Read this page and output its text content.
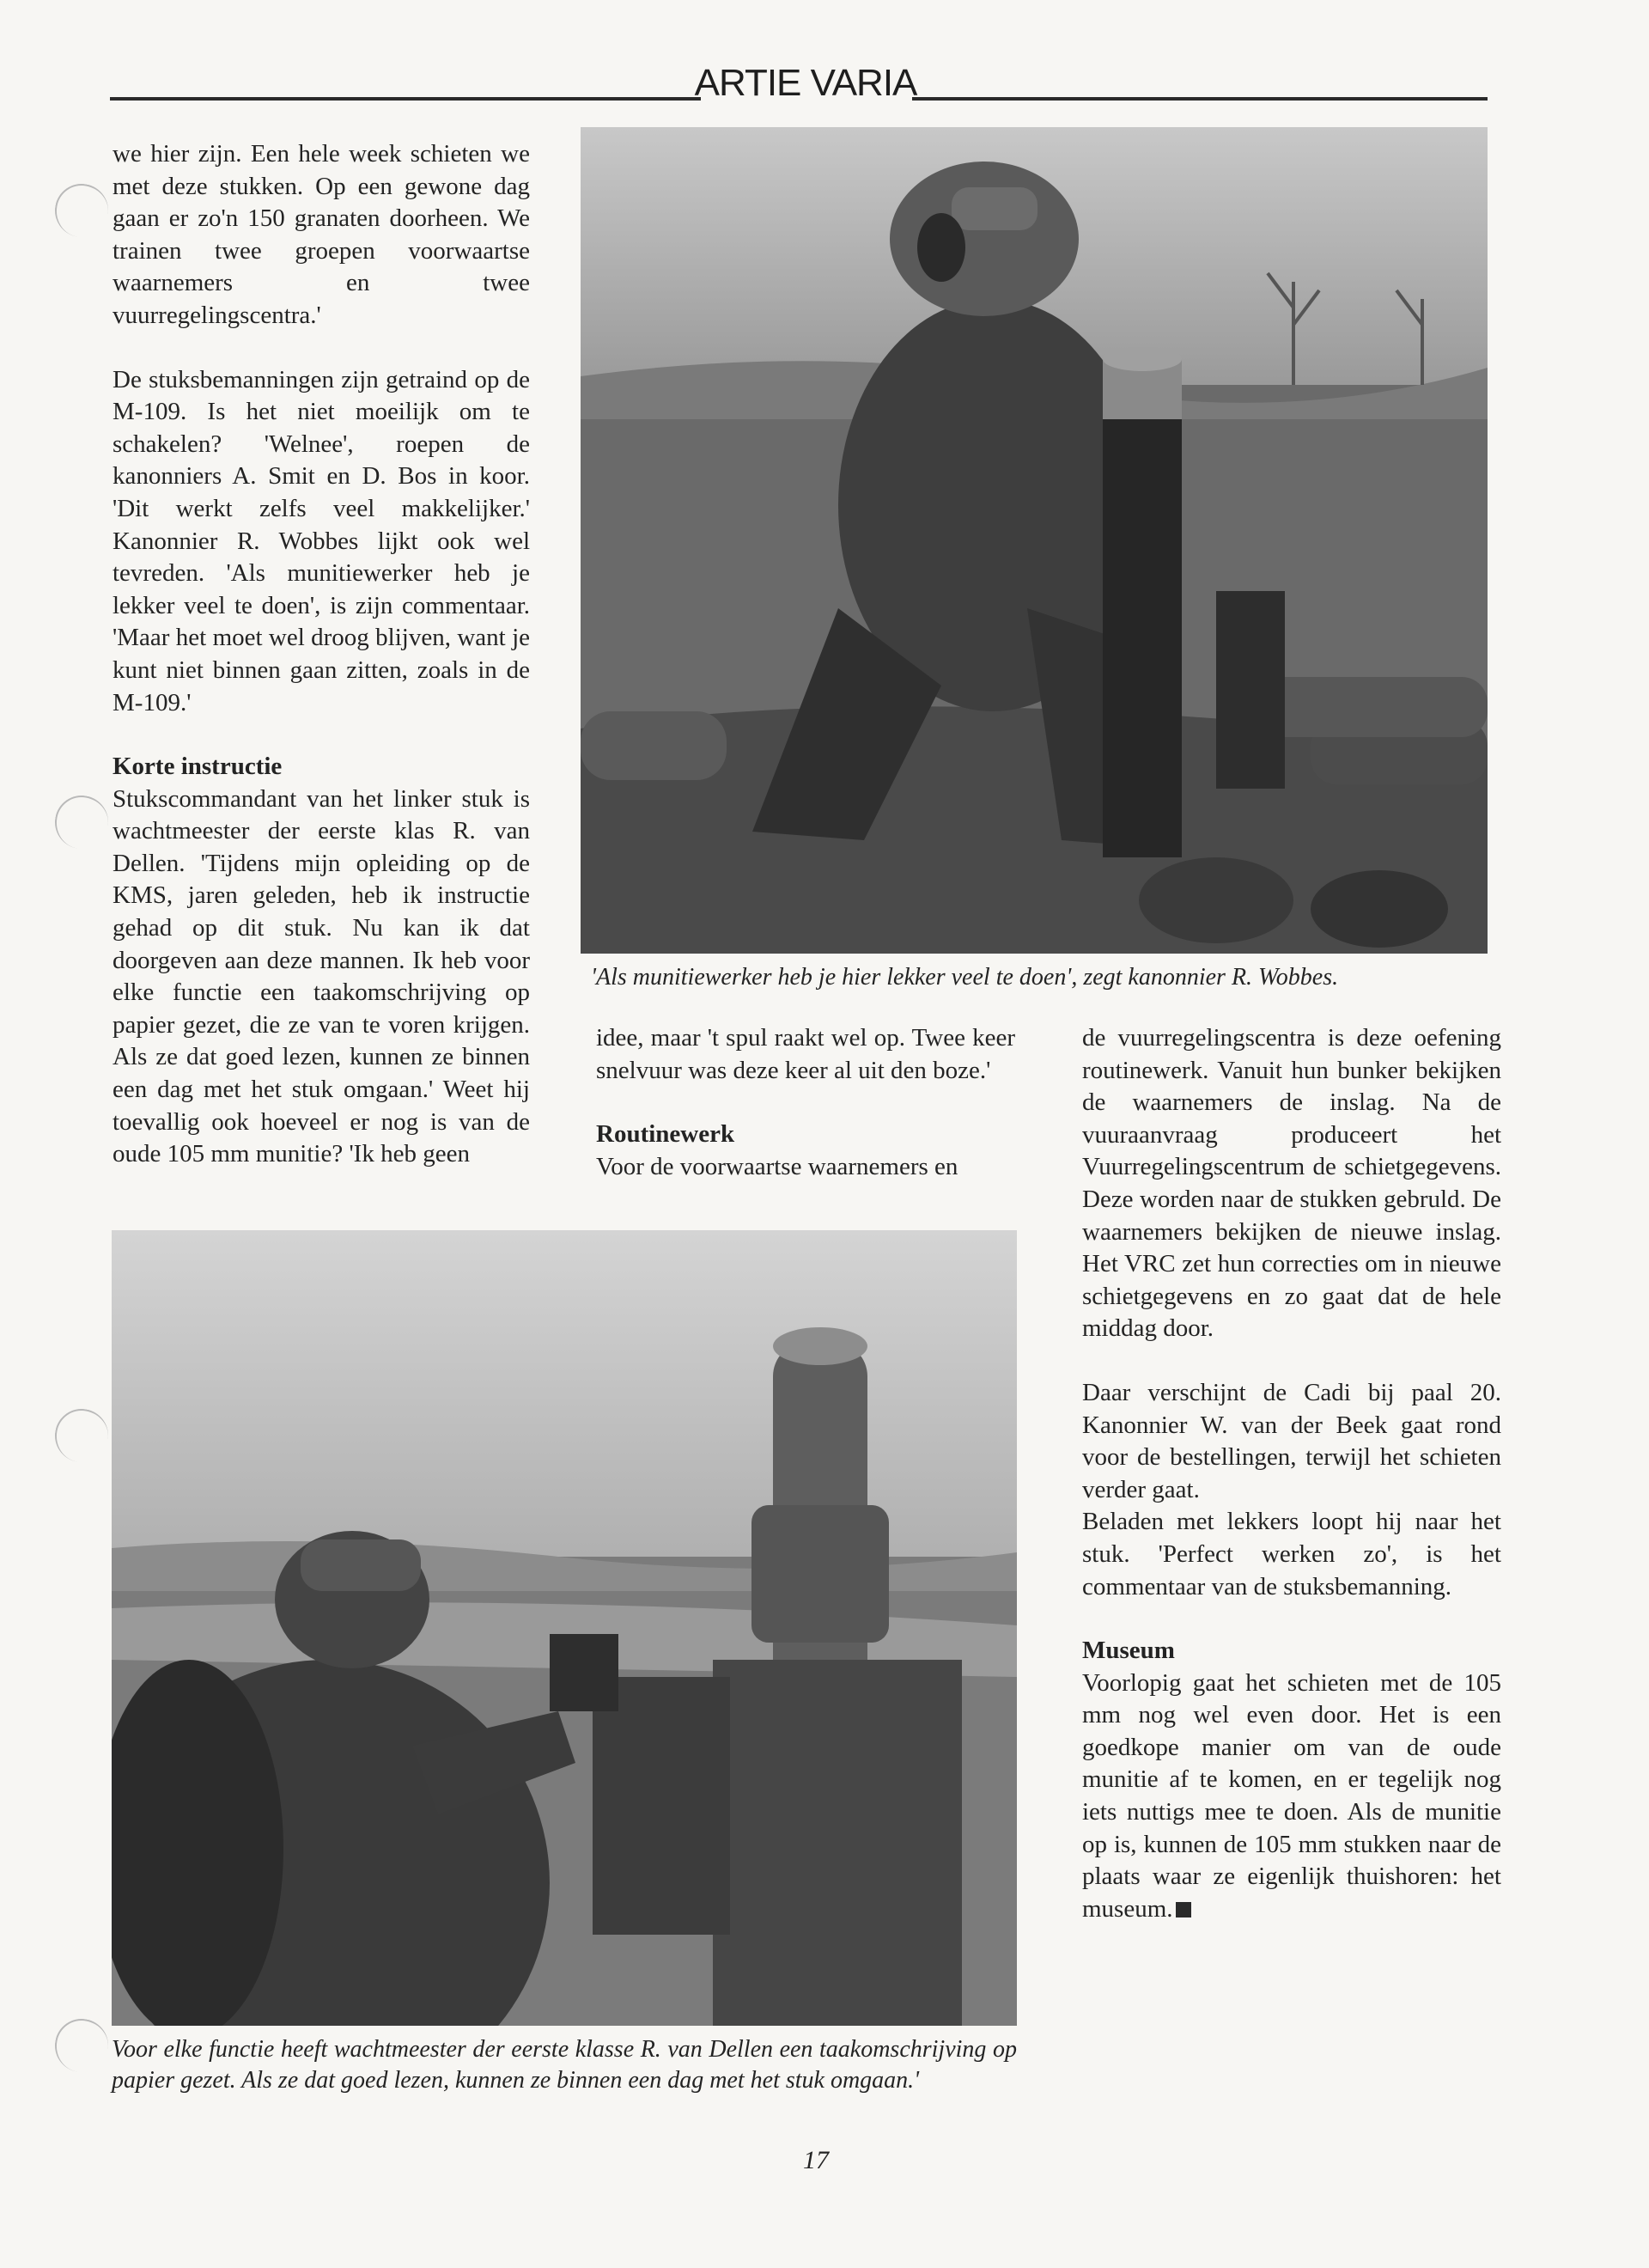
ARTIE VARIA

we hier zijn. Een hele week schieten we met deze stukken. Op een gewone dag gaan er zo'n 150 granaten doorheen. We trainen twee groepen voorwaartse waarnemers en twee vuurregelingscentra.'

De stuksbemanningen zijn getraind op de M-109. Is het niet moeilijk om te schakelen? 'Welnee', roepen de kanonniers A. Smit en D. Bos in koor. 'Dit werkt zelfs veel makkelijker.' Kanonnier R. Wobbes lijkt ook wel tevreden. 'Als munitiewerker heb je lekker veel te doen', is zijn commentaar. 'Maar het moet wel droog blijven, want je kunt niet binnen gaan zitten, zoals in de M-109.'

Korte instructie

Stukscommandant van het linker stuk is wachtmeester der eerste klas R. van Dellen. 'Tijdens mijn opleiding op de KMS, jaren geleden, heb ik instructie gehad op dit stuk. Nu kan ik dat doorgeven aan deze mannen. Ik heb voor elke functie een taakomschrijving op papier gezet, die ze van te voren krijgen. Als ze dat goed lezen, kunnen ze binnen een dag met het stuk omgaan.' Weet hij toevallig ook hoeveel er nog is van de oude 105 mm munitie? 'Ik heb geen

'Als munitiewerker heb je hier lekker veel te doen', zegt kanonnier R. Wobbes.

idee, maar 't spul raakt wel op. Twee keer snelvuur was deze keer al uit den boze.'

Routinewerk

Voor de voorwaartse waarnemers en

de vuurregelingscentra is deze oefening routinewerk. Vanuit hun bunker bekijken de waarnemers de inslag. Na de vuuraanvraag produceert het Vuurregelingscentrum de schietgegevens. Deze worden naar de stukken gebruld. De waarnemers bekijken de nieuwe inslag. Het VRC zet hun correcties om in nieuwe schietgegevens en zo gaat dat de hele middag door.

Daar verschijnt de Cadi bij paal 20. Kanonnier W. van der Beek gaat rond voor de bestellingen, terwijl het schieten verder gaat.

Beladen met lekkers loopt hij naar het stuk. 'Perfect werken zo', is het commentaar van de stuksbemanning.

Museum

Voorlopig gaat het schieten met de 105 mm nog wel even door. Het is een goedkope manier om van de oude munitie af te komen, en er tegelijk nog iets nuttigs mee te doen. Als de munitie op is, kunnen de 105 mm stukken naar de plaats waar ze eigenlijk thuishoren: het museum.

Voor elke functie heeft wachtmeester der eerste klasse R. van Dellen een taakomschrijving op papier gezet. Als ze dat goed lezen, kunnen ze binnen een dag met het stuk omgaan.'

17
